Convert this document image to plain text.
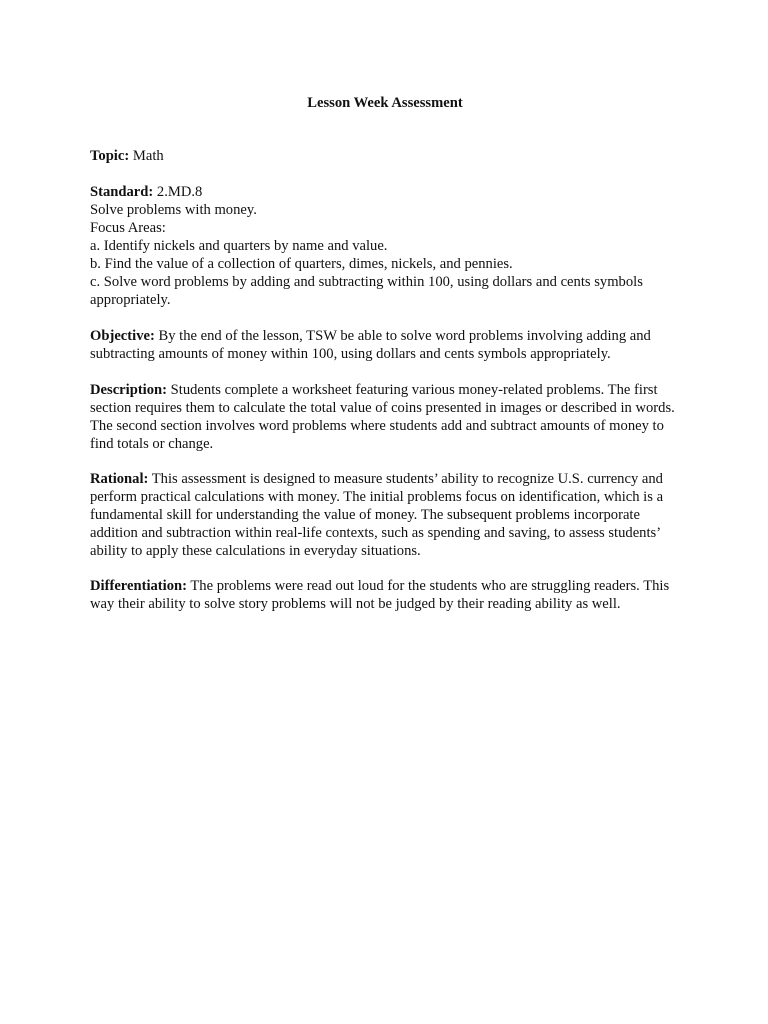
Lesson Week Assessment

Topic: Math

Standard: 2.MD.8
Solve problems with money.
Focus Areas:
a. Identify nickels and quarters by name and value.
b. Find the value of a collection of quarters, dimes, nickels, and pennies.
c. Solve word problems by adding and subtracting within 100, using dollars and cents symbols appropriately.

Objective: By the end of the lesson, TSW be able to solve word problems involving adding and subtracting amounts of money within 100, using dollars and cents symbols appropriately.

Description: Students complete a worksheet featuring various money-related problems. The first section requires them to calculate the total value of coins presented in images or described in words. The second section involves word problems where students add and subtract amounts of money to find totals or change.

Rational: This assessment is designed to measure students’ ability to recognize U.S. currency and perform practical calculations with money. The initial problems focus on identification, which is a fundamental skill for understanding the value of money. The subsequent problems incorporate addition and subtraction within real-life contexts, such as spending and saving, to assess students’ ability to apply these calculations in everyday situations.

Differentiation: The problems were read out loud for the students who are struggling readers. This way their ability to solve story problems will not be judged by their reading ability as well.
